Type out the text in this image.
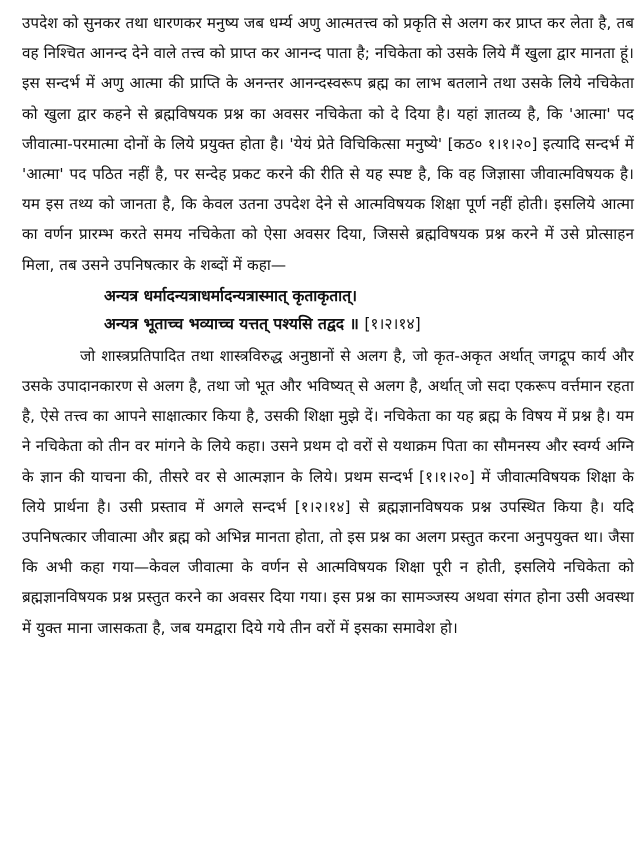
उपदेश को सुनकर तथा धारणकर मनुष्य जब धर्म्य अणु आत्मतत्त्व को प्रकृति से अलग कर प्राप्त कर लेता है, तब वह निश्चित आनन्द देने वाले तत्त्व को प्राप्त कर आनन्द पाता है; नचिकेता को उसके लिये मैं खुला द्वार मानता हूं। इस सन्दर्भ में अणु आत्मा की प्राप्ति के अनन्तर आनन्दस्वरूप ब्रह्म का लाभ बतलाने तथा उसके लिये नचिकेता को खुला द्वार कहने से ब्रह्मविषयक प्रश्न का अवसर नचिकेता को दे दिया है। यहां ज्ञातव्य है, कि 'आत्मा' पद जीवात्मा-परमात्मा दोनों के लिये प्रयुक्त होता है। 'येयं प्रेते विचिकित्सा मनुष्ये' [कठ० १।१।२०] इत्यादि सन्दर्भ में 'आत्मा' पद पठित नहीं है, पर सन्देह प्रकट करने की रीति से यह स्पष्ट है, कि वह जिज्ञासा जीवात्मविषयक है। यम इस तथ्य को जानता है, कि केवल उतना उपदेश देने से आत्मविषयक शिक्षा पूर्ण नहीं होती। इसलिये आत्मा का वर्णन प्रारम्भ करते समय नचिकेता को ऐसा अवसर दिया, जिससे ब्रह्मविषयक प्रश्न करने में उसे प्रोत्साहन मिला, तब उसने उपनिषत्कार के शब्दों में कहा—

अन्यत्र धर्मादन्यत्राधर्मादन्यत्रास्मात् कृताकृतात्।
अन्यत्र भूताच्च भव्याच्च यत्तत् पश्यसि तद्वद ॥ [१।२।१४]

जो शास्त्रप्रतिपादित तथा शास्त्रविरुद्ध अनुष्ठानों से अलग है, जो कृत-अकृत अर्थात् जगद्रूप कार्य और उसके उपादानकारण से अलग है, तथा जो भूत और भविष्यत् से अलग है, अर्थात् जो सदा एकरूप वर्त्तमान रहता है, ऐसे तत्त्व का आपने साक्षात्कार किया है, उसकी शिक्षा मुझे दें। नचिकेता का यह ब्रह्म के विषय में प्रश्न है। यम ने नचिकेता को तीन वर मांगने के लिये कहा। उसने प्रथम दो वरों से यथाक्रम पिता का सौमनस्य और स्वर्ग्य अग्नि के ज्ञान की याचना की, तीसरे वर से आत्मज्ञान के लिये। प्रथम सन्दर्भ [१।१।२०] में जीवात्मविषयक शिक्षा के लिये प्रार्थना है। उसी प्रस्ताव में अगले सन्दर्भ [१।२।१४] से ब्रह्मज्ञानविषयक प्रश्न उपस्थित किया है। यदि उपनिषत्कार जीवात्मा और ब्रह्म को अभिन्न मानता होता, तो इस प्रश्न का अलग प्रस्तुत करना अनुपयुक्त था। जैसा कि अभी कहा गया—केवल जीवात्मा के वर्णन से आत्मविषयक शिक्षा पूरी न होती, इसलिये नचिकेता को ब्रह्मज्ञानविषयक प्रश्न प्रस्तुत करने का अवसर दिया गया। इस प्रश्न का सामञ्जस्य अथवा संगत होना उसी अवस्था में युक्त माना जासकता है, जब यमद्वारा दिये गये तीन वरों में इसका समावेश हो।
